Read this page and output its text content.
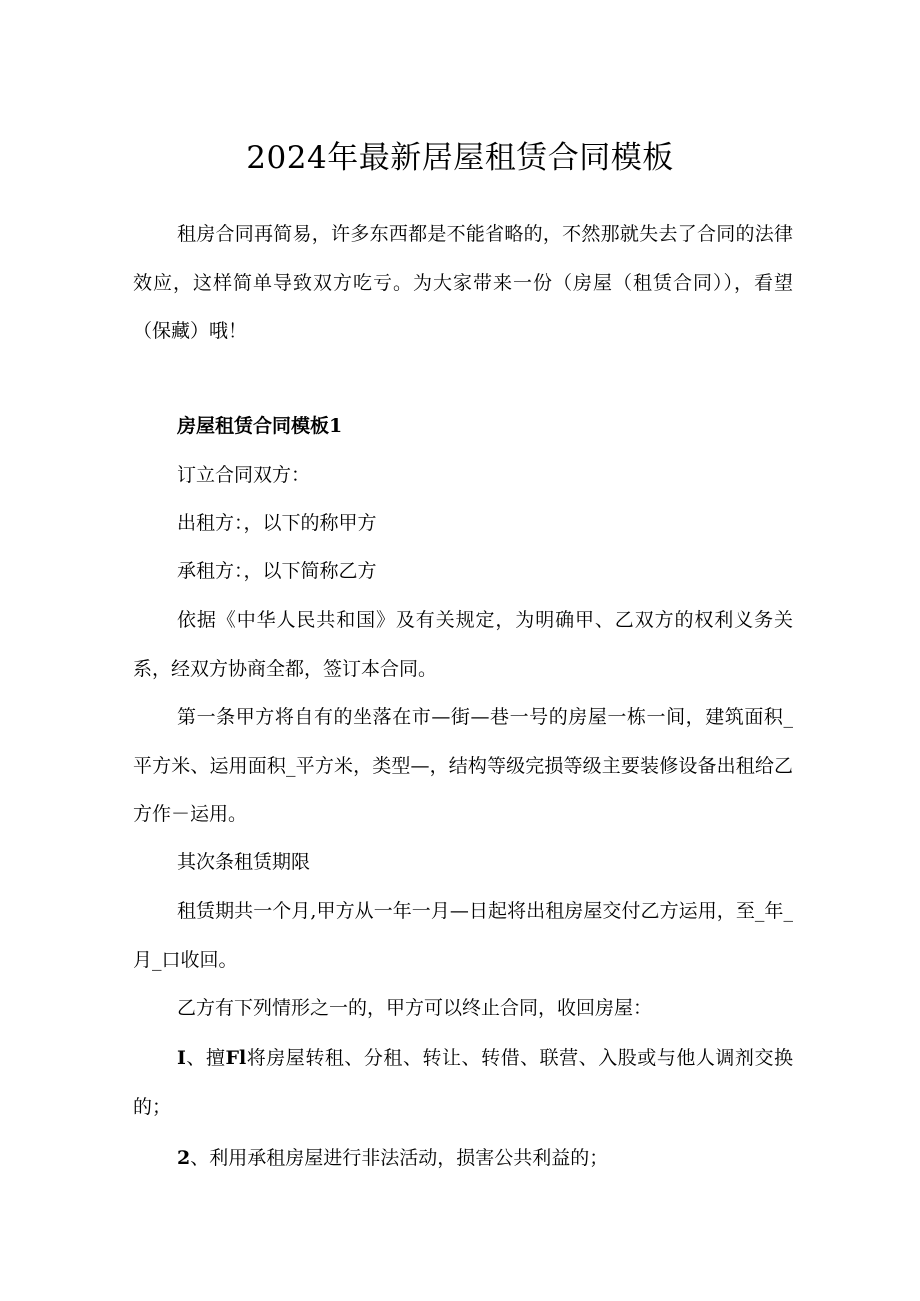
2024年最新居屋租赁合同模板

租房合同再简易，许多东西都是不能省略的，不然那就失去了合同的法律效应，这样简单导致双方吃亏。为大家带来一份（房屋（租赁合同）），看望（保藏）哦！

房屋租赁合同模板1

订立合同双方：

出租方：，以下的称甲方

承租方：，以下简称乙方

依据《中华人民共和国》及有关规定，为明确甲、乙双方的权利义务关系，经双方协商全都，签订本合同。

第一条甲方将自有的坐落在市—街—巷一号的房屋一栋一间，建筑面积_平方米、运用面积_平方米，类型—，结构等级完损等级主要装修设备出租给乙方作－运用。

其次条租赁期限

租赁期共一个月,甲方从一年一月—日起将出租房屋交付乙方运用，至_年_月_口收回。

乙方有下列情形之一的，甲方可以终止合同，收回房屋：

I、擅Fl将房屋转租、分租、转让、转借、联营、入股或与他人调剂交换的；

2、利用承租房屋进行非法活动，损害公共利益的；
